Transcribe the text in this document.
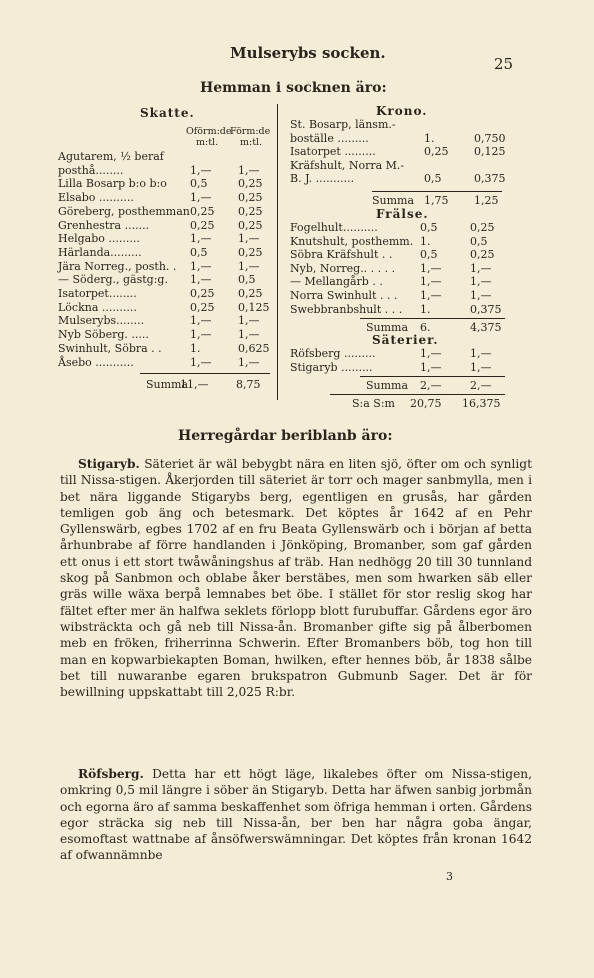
Mulserybs socken.
25
Hemman i socknen äro:
Skatte.
Oförm:de
m:tl.
Förm:de
m:tl.
Agutarem, ½ beraf
posthå........	1,— 1,—
Lilla Bosarp b:o b:o 0,5	0,25
Elsabo ..........	1,— 0,25
Göreberg, posthemman 0,25 0,25
Grenhestra .......	0,25 0,25
Helgabo .........	1,— 1,—
Härlanda.........	0,5	0,25
Jära Norreg., posth. . 1,— 1,—
— Söderg., gästg:g. 1,— 0,5
Isatorpet........	0,25 0,25
Löckna ..........	0,25 0,125
Mulserybs........	1,— 1,—
Nyb Söberg. .....	1,— 1,—
Swinhult, Söbra . .	1.	0,625
Åsebo ...........	1,— 1,—
Summa
11,—	8,75
Krono.
St. Bosarp, länsm.-
boställe .........	1.	0,750
Isatorpet .........	0,25 0,125
Kräfshult, Norra M.-
B. J. ...........	0,5	0,375
Summa 1,75 1,25
Frälse.
Fogelhult..........	0,5	0,25
Knutshult, posthemm. 1.	0,5
Söbra Kräfshult . .	0,5	0,25
Nyb, Norreg.. . . . . 1,—	1,—
— Mellangårb . .	1,—	1,—
Norra Swinhult . . . 1,—	1,—
Swebbranbshult . . . 1.	0,375
Summa 6.	4,375
Säterier.
Röfsberg .........	1,—	1,—
Stigaryb .........	1,—	1,—
Summa 2,—	2,—
S:a S:m 20,75 16,375
Herregårdar beriblanb äro:
Stigaryb. Säteriet är wäl bebygbt nära en liten sjö, öfter om och synligt till Nissa-stigen. Åkerjorden till säteriet är torr och mager sanbmylla, men i bet nära liggande Stigarybs berg, egentligen en grusås, har gården temligen gob äng och betesmark. Det köptes år 1642 af en Pehr Gyllenswärb, egbes 1702 af en fru Beata Gyllenswärb och i början af betta århunbrabe af förre handlanden i Jönköping, Bromanber, som gaf gården ett onus i ett stort twåwåningshus af träb. Han nedhögg 20 till 30 tunnland skog på Sanbmon och oblabe åker berstäbes, men som hwarken säb eller gräs wille wäxa berpå lemnabes bet öbe. I stället för stor reslig skog har fältet efter mer än halfwa seklets förlopp blott furubuffar. Gårdens egor äro wibsträckta och gå neb till Nissa-ån. Bromanber gifte sig på ålberbomen meb en fröken, friherrinna Schwerin. Efter Bromanbers böb, tog hon till man en kopwarbiekapten Boman, hwilken, efter hennes böb, år 1838 sålbe bet till nuwaranbe egaren brukspatron Gubmunb Sager. Det är för bewillning uppskattabt till 2,025 R:br.
Röfsberg. Detta har ett högt läge, likalebes öfter om Nissa-stigen, omkring 0,5 mil längre i söber än Stigaryb. Detta har äfwen sanbig jorbmån och egorna äro af samma beskaffenhet som öfriga hemman i orten. Gårdens egor sträcka sig neb till Nissa-ån, ber ben har några goba ängar, esomoftast wattnabe af ånsöfwerswämningar. Det köptes från kronan 1642 af ofwannämnbe
3
